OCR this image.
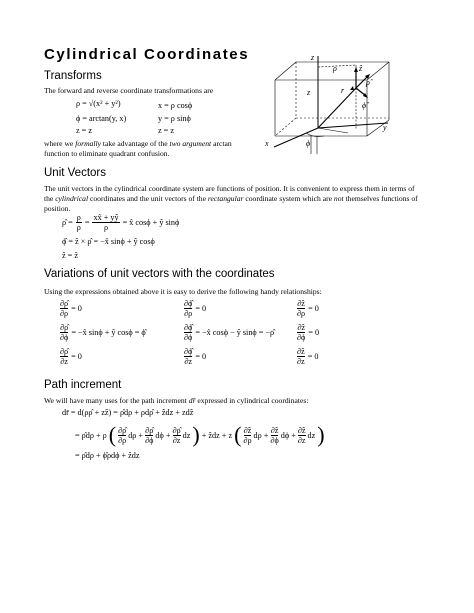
Cylindrical Coordinates
Transforms
The forward and reverse coordinate transformations are
ρ = √(x² + y²)	x = ρ cosϕ
ϕ = arctan(y, x)	y = ρ sinϕ
z = z	z = z
where we formally take advantage of the two argument arctan
function to eliminate quadrant confusion.
z
y
x
z
ρ
ϕ
r
ẑ
ρ̂
ϕ̂
Unit Vectors
The unit vectors in the cylindrical coordinate system are functions of position. It is convenient to express them in terms of
the cylindrical coordinates and the unit vectors of the rectangular coordinate system which are not themselves functions of
position.
ρ̂ = $\frac{\rho}{\rho} = \frac{xx̂ + yŷ}{\rho}$ = x̂ cosϕ + ŷ sinϕ
ϕ̂ = ẑ × ρ̂ = −x̂ sinϕ + ŷ cosϕ
ẑ = ẑ
Variations of unit vectors with the coordinates
Using the expressions obtained above it is easy to derive the following handy relationships:
$\frac{\partial\rhô}{\partial\rho} = 0$	$\frac{\partial\phî}{\partial\rho} = 0$	$\frac{\text{∂ẑ}}{\partial\rho} = 0$
$\frac{\partial\rhô}{\partial\phi}$ = −x̂ sinϕ + ŷ cosϕ = ϕ̂	$\frac{\partial\phî}{\partial\phi}$ = −x̂ cosϕ − ŷ sinϕ = −ρ̂	$\frac{\text{∂ẑ}}{\partial\phi} = 0$
$\frac{\partial\rhô}{\partial z} = 0$	$\frac{\partial\phî}{\partial z} = 0$	$\frac{\text{∂ẑ}}{\partial z} = 0$
Path increment
We will have many uses for the path increment dr̄ expressed in cylindrical coordinates:
dr̄ = d(ρρ̂ + zẑ) = ρ̂dρ + ρdρ̂ + ẑdz + zdẑ
= ρ̂dρ + ρ ( ∂ρ̂
∂ρ
$d\rho + \frac{\partial\rhô}{\partial\phi}$ $d\phi + \frac{\partial\rhô}{\partial z}$ dz ) + ẑdz + z ( ∂ẑ
∂ρ
$d\rho + \frac{\text{∂ẑ}}{\partial\phi}$ $d\phi + \frac{\text{∂ẑ}}{\partial z}$ dz )
= ρ̂dρ + ϕ̂ρdϕ + ẑdz
